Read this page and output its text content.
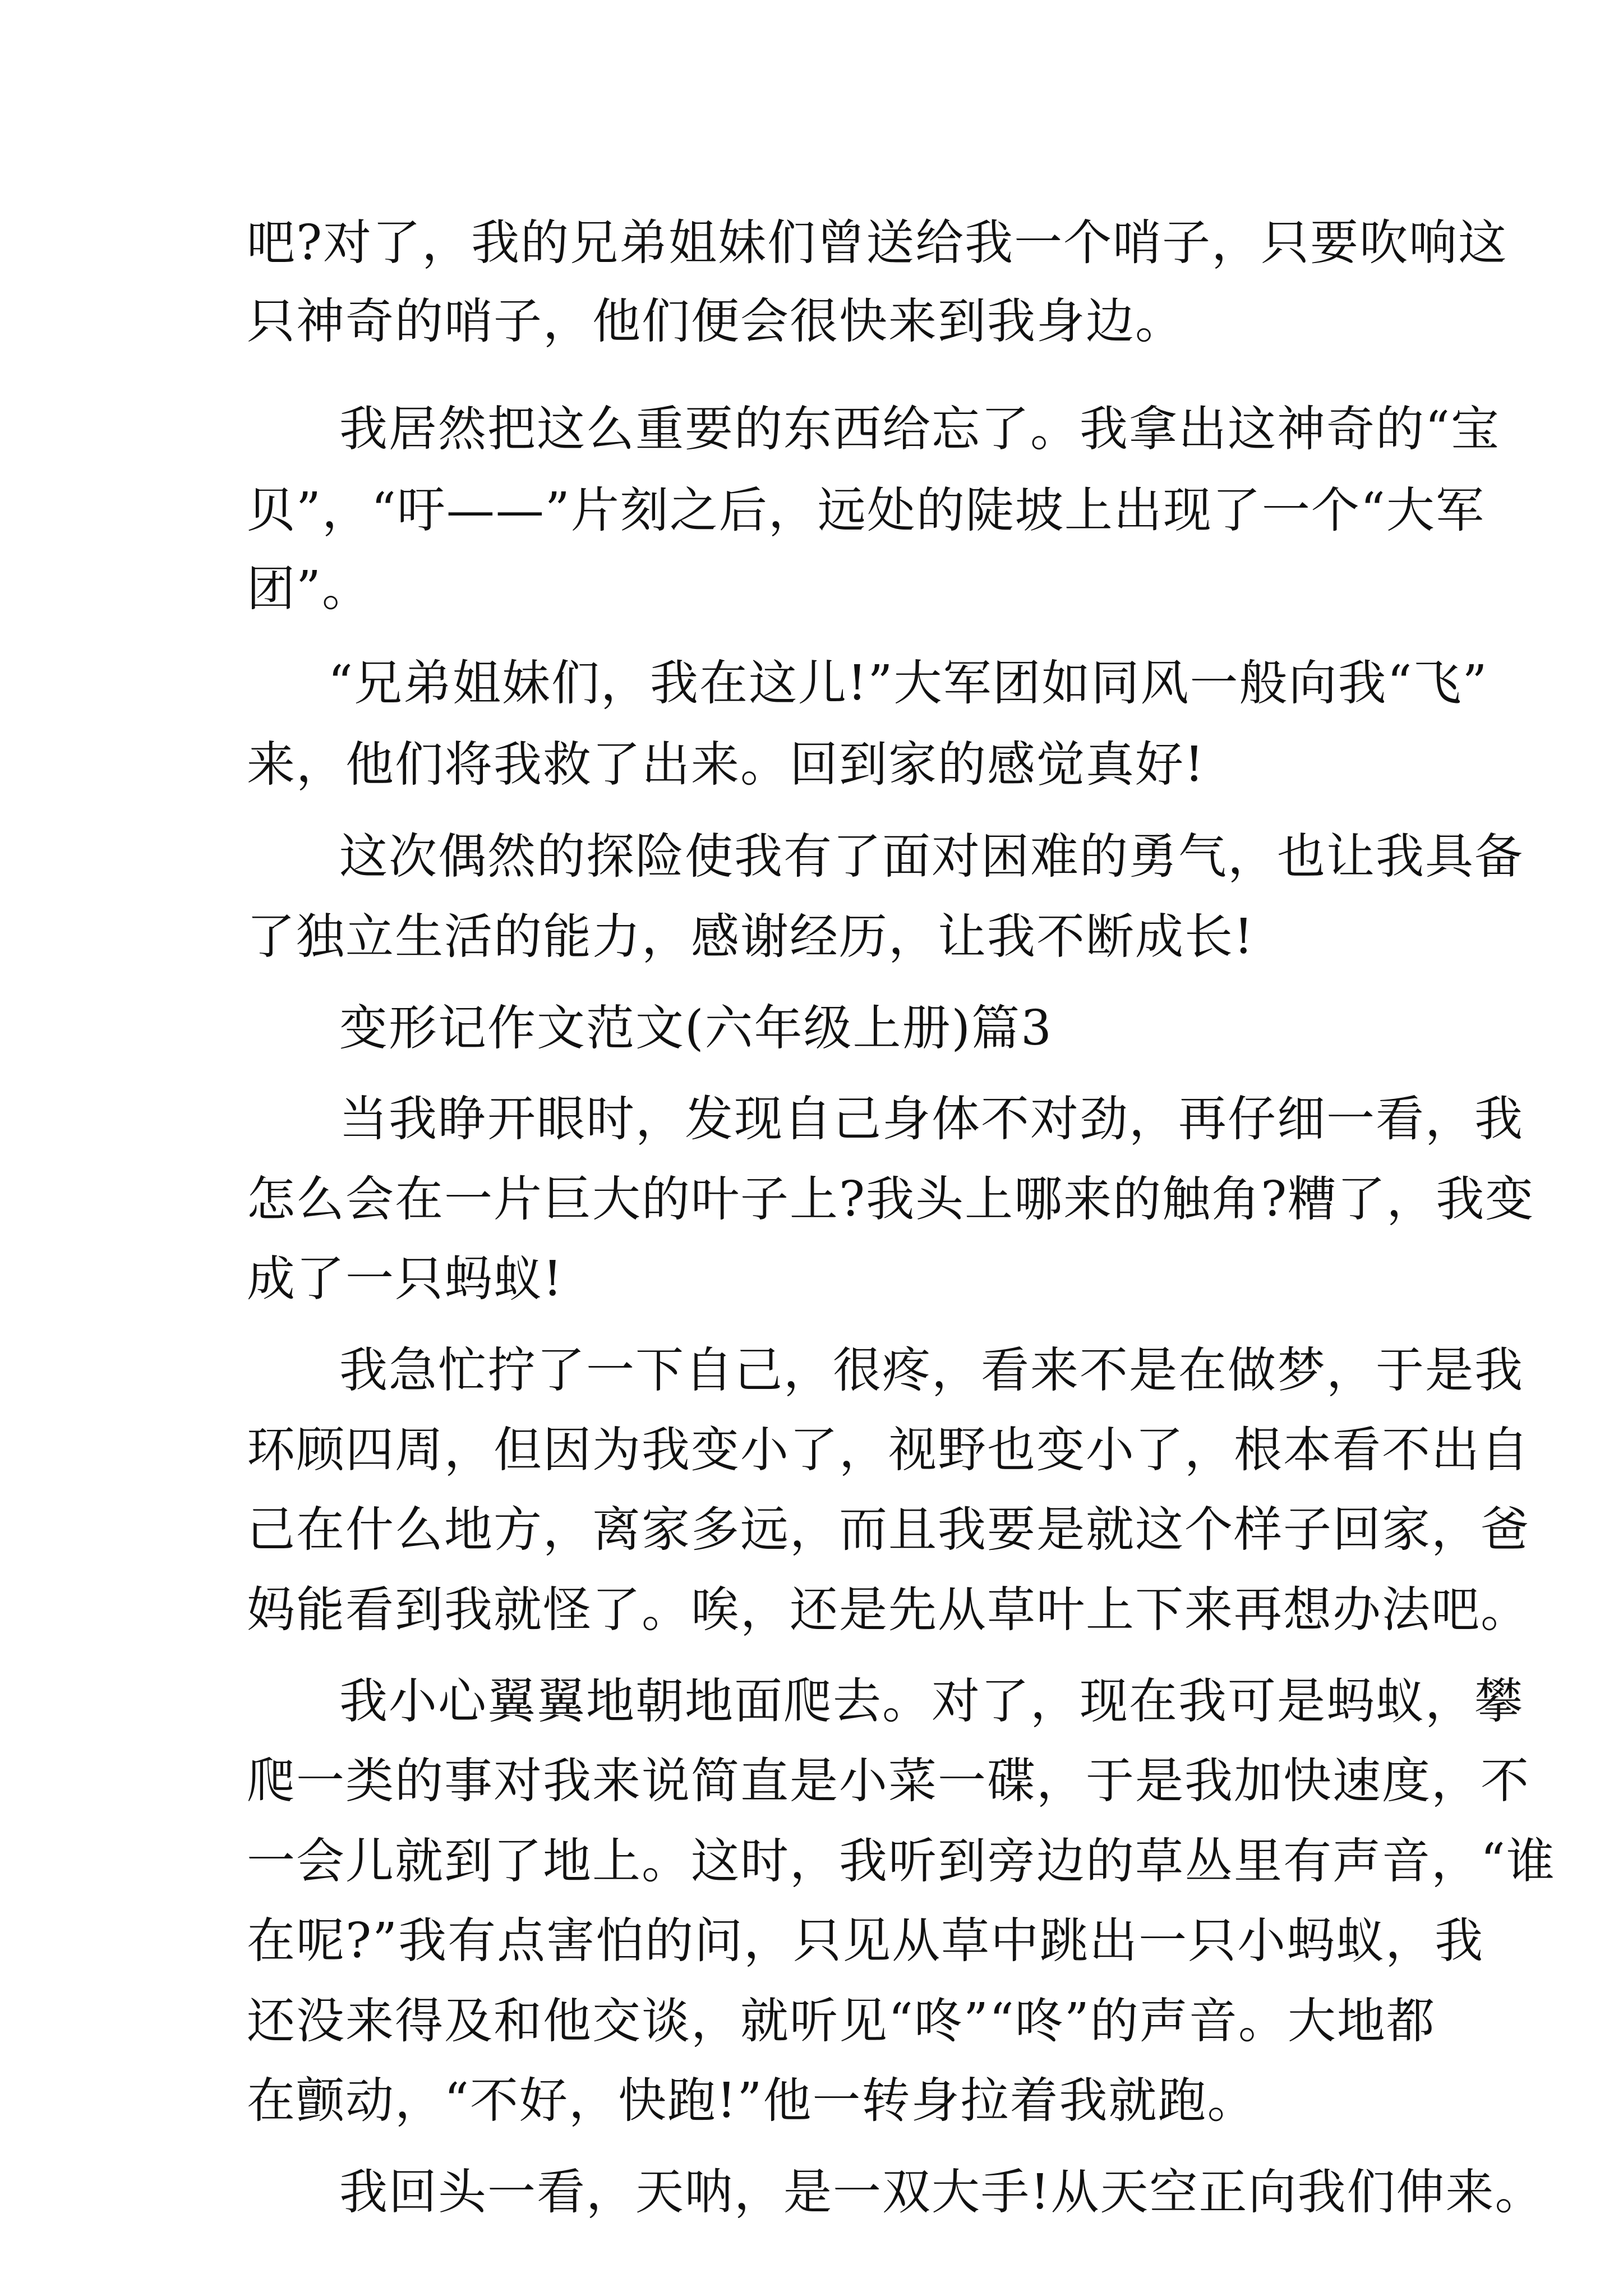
吧?对了，我的兄弟姐妹们曾送给我一个哨子，只要吹响这
只神奇的哨子，他们便会很快来到我身边。
我居然把这么重要的东西给忘了。我拿出这神奇的“宝
贝”，“吁——”片刻之后，远处的陡坡上出现了一个“大军
团”。
“兄弟姐妹们，我在这儿!”大军团如同风一般向我“飞”
来，他们将我救了出来。回到家的感觉真好!
这次偶然的探险使我有了面对困难的勇气，也让我具备
了独立生活的能力，感谢经历，让我不断成长!
变形记作文范文(六年级上册)篇3
当我睁开眼时，发现自己身体不对劲，再仔细一看，我
怎么会在一片巨大的叶子上?我头上哪来的触角?糟了，我变
成了一只蚂蚁!
我急忙拧了一下自己，很疼，看来不是在做梦，于是我
环顾四周，但因为我变小了，视野也变小了，根本看不出自
己在什么地方，离家多远，而且我要是就这个样子回家，爸
妈能看到我就怪了。唉，还是先从草叶上下来再想办法吧。
我小心翼翼地朝地面爬去。对了，现在我可是蚂蚁，攀
爬一类的事对我来说简直是小菜一碟，于是我加快速度，不
一会儿就到了地上。这时，我听到旁边的草丛里有声音，“谁
在呢?”我有点害怕的问，只见从草中跳出一只小蚂蚁，我
还没来得及和他交谈，就听见“咚”“咚”的声音。大地都
在颤动，“不好，快跑!”他一转身拉着我就跑。
我回头一看，天呐，是一双大手!从天空正向我们伸来。
